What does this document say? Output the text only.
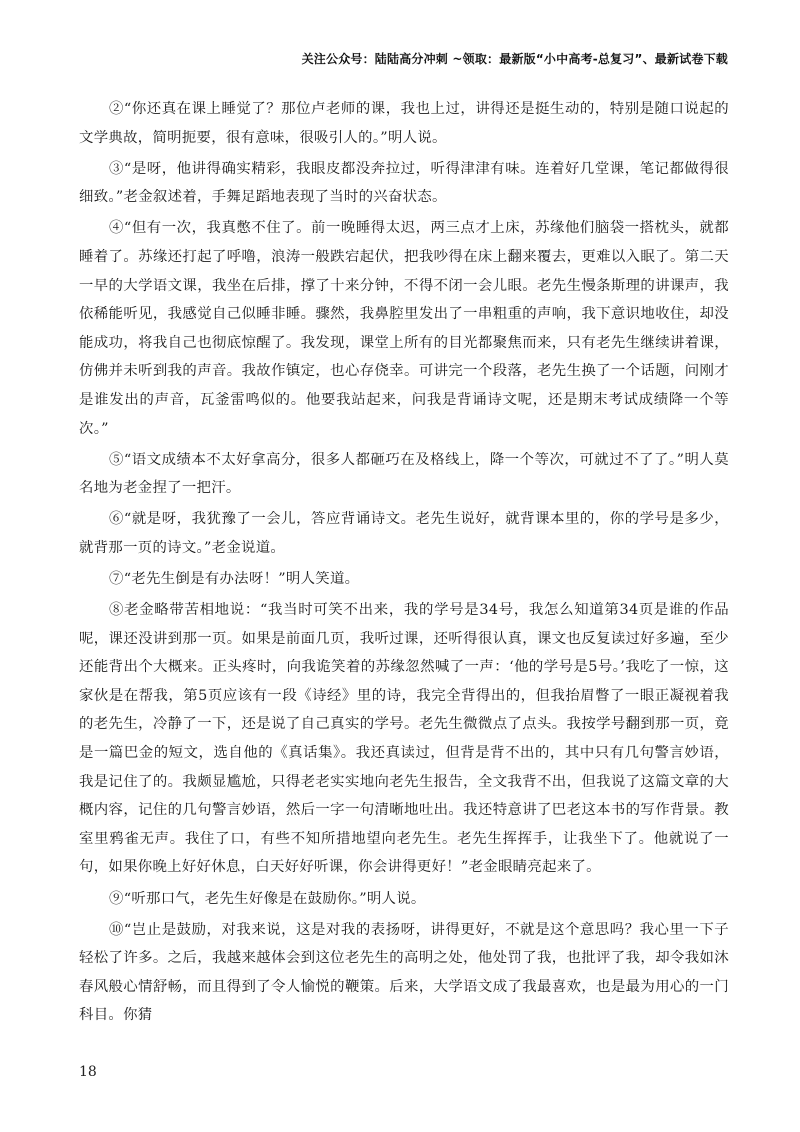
关注公众号：陆陆高分冲刺 ~领取：最新版“小中高考-总复习”、最新试卷下载

②“你还真在课上睡觉了？那位卢老师的课，我也上过，讲得还是挺生动的，特别是随口说起的文学典故，简明扼要，很有意味，很吸引人的。”明人说。

③“是呀，他讲得确实精彩，我眼皮都没奔拉过，听得津津有味。连着好几堂课，笔记都做得很细致。”老金叙述着，手舞足蹈地表现了当时的兴奋状态。

④“但有一次，我真憋不住了。前一晚睡得太迟，两三点才上床，苏缘他们脑袋一搭枕头，就都睡着了。苏缘还打起了呼噜，浪涛一般跌宕起伏，把我吵得在床上翻来覆去，更难以入眠了。第二天一早的大学语文课，我坐在后排，撑了十来分钟，不得不闭一会儿眼。老先生慢条斯理的讲课声，我依稀能听见，我感觉自己似睡非睡。骤然，我鼻腔里发出了一串粗重的声响，我下意识地收住，却没能成功，将我自己也彻底惊醒了。我发现，课堂上所有的目光都聚焦而来，只有老先生继续讲着课，仿佛并未听到我的声音。我故作镇定，也心存侥幸。可讲完一个段落，老先生换了一个话题，问刚才是谁发出的声音，瓦釜雷鸣似的。他要我站起来，问我是背诵诗文呢，还是期末考试成绩降一个等次。”

⑤“语文成绩本不太好拿高分，很多人都砸巧在及格线上，降一个等次，可就过不了了。”明人莫名地为老金捏了一把汗。

⑥“就是呀，我犹豫了一会儿，答应背诵诗文。老先生说好，就背课本里的，你的学号是多少，就背那一页的诗文。”老金说道。

⑦“老先生倒是有办法呀！”明人笑道。

⑧老金略带苦相地说：“我当时可笑不出来，我的学号是34号，我怎么知道第34页是谁的作品呢，课还没讲到那一页。如果是前面几页，我听过课，还听得很认真，课文也反复读过好多遍，至少还能背出个大概来。正头疼时，向我诡笑着的苏缘忽然喊了一声：‘他的学号是5号。’我吃了一惊，这家伙是在帮我，第5页应该有一段《诗经》里的诗，我完全背得出的，但我抬眉瞥了一眼正凝视着我的老先生，冷静了一下，还是说了自己真实的学号。老先生微微点了点头。我按学号翻到那一页，竟是一篇巴金的短文，选自他的《真话集》。我还真读过，但背是背不出的，其中只有几句警言妙语，我是记住了的。我颇显尴尬，只得老老实实地向老先生报告，全文我背不出，但我说了这篇文章的大概内容，记住的几句警言妙语，然后一字一句清晰地吐出。我还特意讲了巴老这本书的写作背景。教室里鸦雀无声。我住了口，有些不知所措地望向老先生。老先生挥挥手，让我坐下了。他就说了一句，如果你晚上好好休息，白天好好听课，你会讲得更好！”老金眼睛亮起来了。

⑨“听那口气，老先生好像是在鼓励你。”明人说。

⑩“岂止是鼓励，对我来说，这是对我的表扬呀，讲得更好，不就是这个意思吗？我心里一下子轻松了许多。之后，我越来越体会到这位老先生的高明之处，他处罚了我，也批评了我，却令我如沐春风般心情舒畅，而且得到了令人愉悦的鞭策。后来，大学语文成了我最喜欢，也是最为用心的一门科目。你猜

18
